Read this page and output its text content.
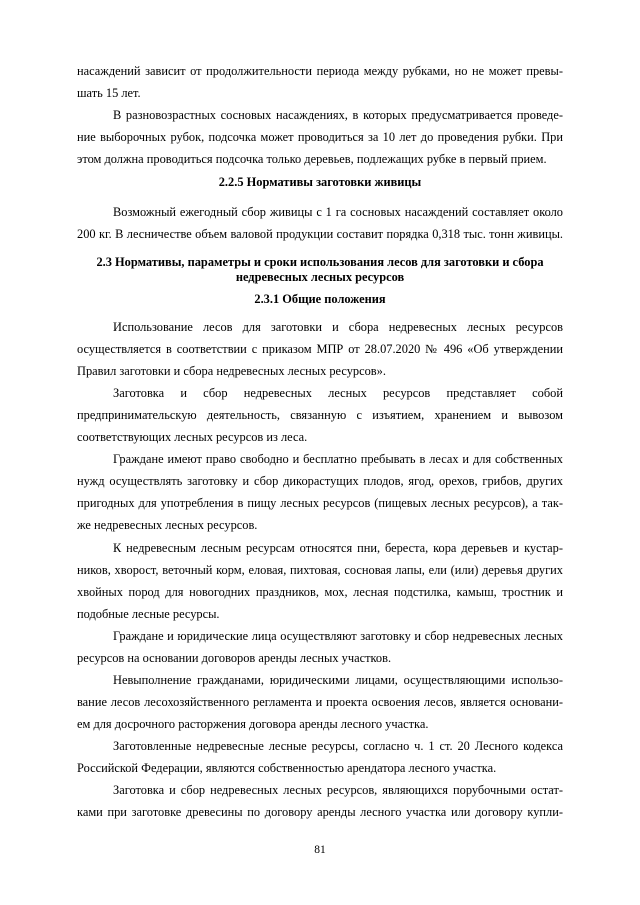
насаждений зависит от продолжительности периода между рубками, но не может превы-
шать 15 лет.
В разновозрастных сосновых насаждениях, в которых предусматривается проведе-
ние выборочных рубок, подсочка может проводиться за 10 лет до проведения рубки. При
этом должна проводиться подсочка только деревьев, подлежащих рубке в первый прием.
2.2.5 Нормативы заготовки живицы
Возможный ежегодный сбор живицы с 1 га сосновых насаждений составляет около
200 кг. В лесничестве объем валовой продукции составит порядка 0,318 тыс. тонн живицы.
2.3 Нормативы, параметры и сроки использования лесов для заготовки и сбора
недревесных лесных ресурсов
2.3.1 Общие положения
Использование лесов для заготовки и сбора недревесных лесных ресурсов
осуществляется в соответствии с приказом МПР от 28.07.2020 № 496 «Об утверждении
Правил заготовки и сбора недревесных лесных ресурсов».
Заготовка и сбор недревесных лесных ресурсов представляет собой
предпринимательскую деятельность, связанную с изъятием, хранением и вывозом
соответствующих лесных ресурсов из леса.
Граждане имеют право свободно и бесплатно пребывать в лесах и для собственных
нужд осуществлять заготовку и сбор дикорастущих плодов, ягод, орехов, грибов, других
пригодных для употребления в пищу лесных ресурсов (пищевых лесных ресурсов), а так-
же недревесных лесных ресурсов.
К недревесным лесным ресурсам относятся пни, береста, кора деревьев и кустар-
ников, хворост, веточный корм, еловая, пихтовая, сосновая лапы, ели (или) деревья других
хвойных пород для новогодних праздников, мох, лесная подстилка, камыш, тростник и
подобные лесные ресурсы.
Граждане и юридические лица осуществляют заготовку и сбор недревесных лесных
ресурсов на основании договоров аренды лесных участков.
Невыполнение гражданами, юридическими лицами, осуществляющими использо-
вание лесов лесохозяйственного регламента и проекта освоения лесов, является основани-
ем для досрочного расторжения договора аренды лесного участка.
Заготовленные недревесные лесные ресурсы, согласно ч. 1 ст. 20 Лесного кодекса
Российской Федерации, являются собственностью арендатора лесного участка.
Заготовка и сбор недревесных лесных ресурсов, являющихся порубочными остат-
ками при заготовке древесины по договору аренды лесного участка или договору купли-
81
